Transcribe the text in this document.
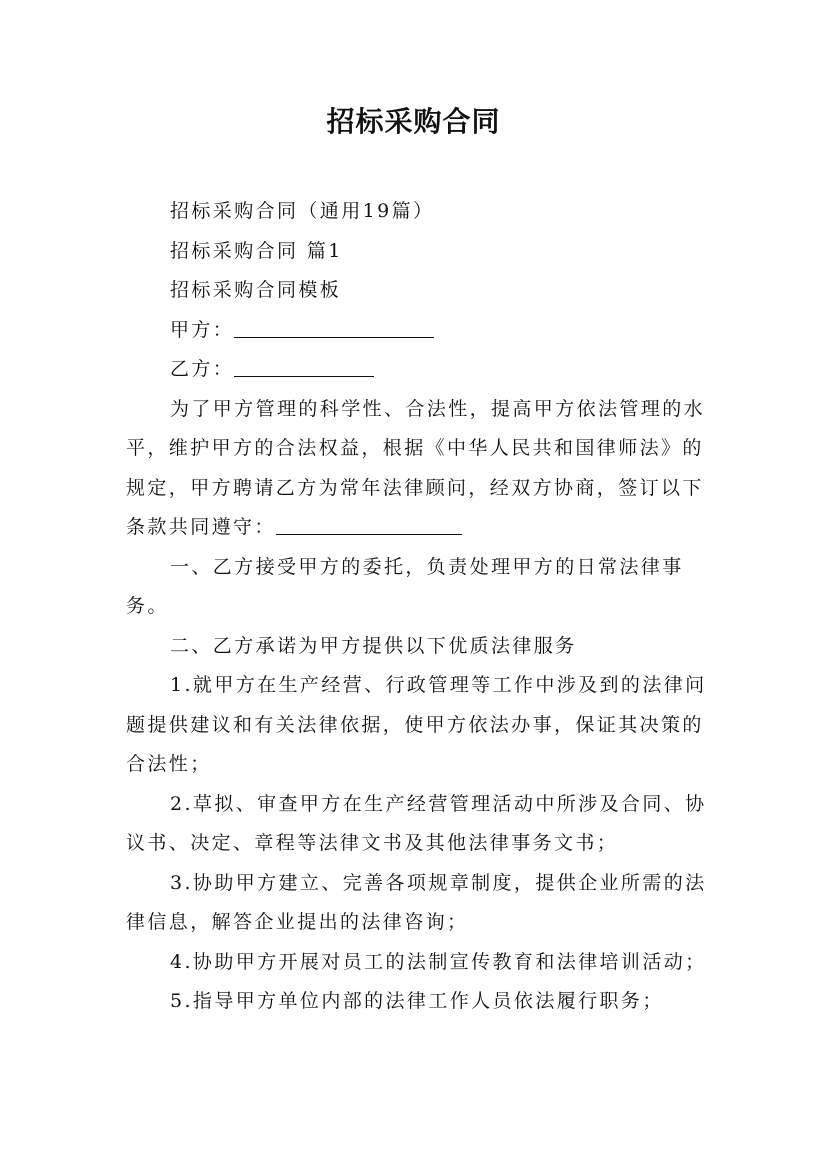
招标采购合同

招标采购合同（通用19篇）

招标采购合同 篇1

招标采购合同模板

甲方：

乙方：

为了甲方管理的科学性、合法性，提高甲方依法管理的水平，维护甲方的合法权益，根据《中华人民共和国律师法》的规定，甲方聘请乙方为常年法律顾问，经双方协商，签订以下条款共同遵守：

一、乙方接受甲方的委托，负责处理甲方的日常法律事务。

二、乙方承诺为甲方提供以下优质法律服务

1.就甲方在生产经营、行政管理等工作中涉及到的法律问题提供建议和有关法律依据，使甲方依法办事，保证其决策的合法性；

2.草拟、审查甲方在生产经营管理活动中所涉及合同、协议书、决定、章程等法律文书及其他法律事务文书；

3.协助甲方建立、完善各项规章制度，提供企业所需的法律信息，解答企业提出的法律咨询；

4.协助甲方开展对员工的法制宣传教育和法律培训活动；

5.指导甲方单位内部的法律工作人员依法履行职务；
